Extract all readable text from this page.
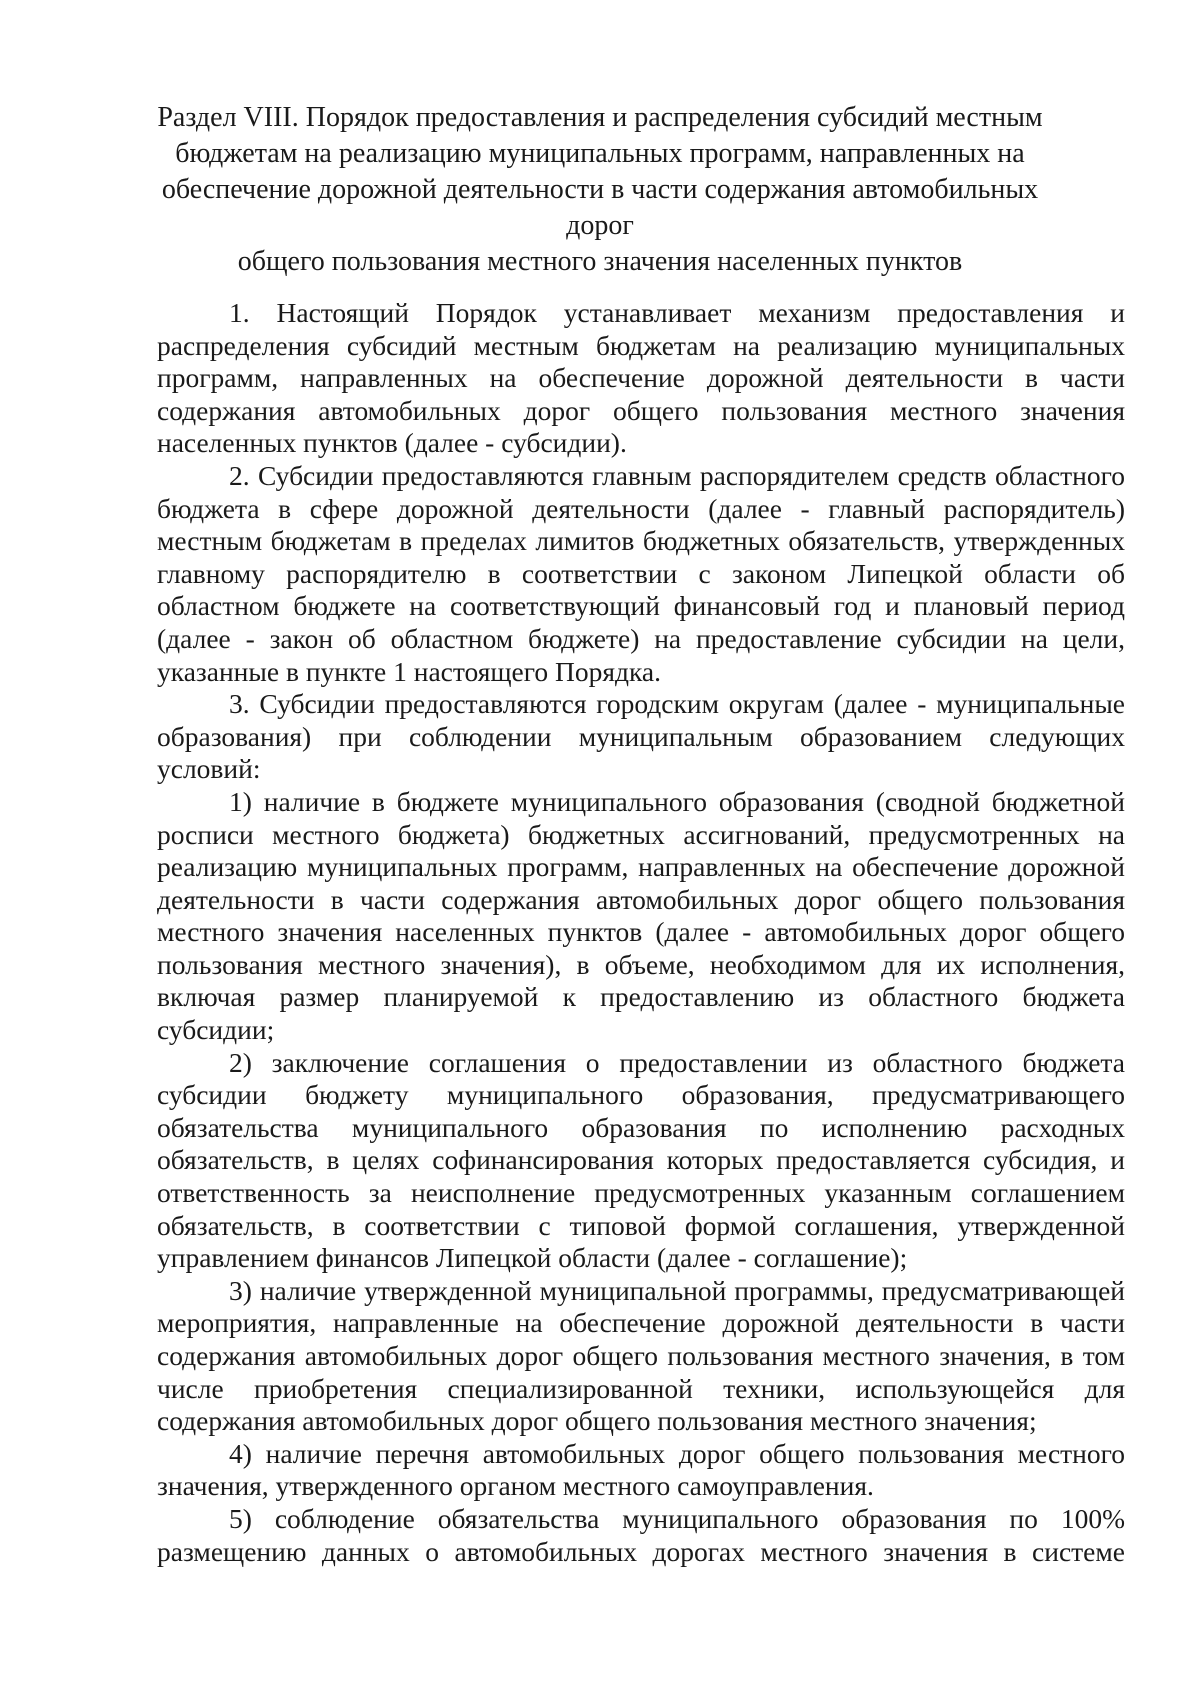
Раздел VIII. Порядок предоставления и распределения субсидий местным
бюджетам на реализацию муниципальных программ, направленных на
обеспечение дорожной деятельности в части содержания автомобильных дорог
общего пользования местного значения населенных пунктов

1. Настоящий Порядок устанавливает механизм предоставления и распределения субсидий местным бюджетам на реализацию муниципальных программ, направленных на обеспечение дорожной деятельности в части содержания автомобильных дорог общего пользования местного значения населенных пунктов (далее - субсидии).

2. Субсидии предоставляются главным распорядителем средств областного бюджета в сфере дорожной деятельности (далее - главный распорядитель) местным бюджетам в пределах лимитов бюджетных обязательств, утвержденных главному распорядителю в соответствии с законом Липецкой области об областном бюджете на соответствующий финансовый год и плановый период (далее - закон об областном бюджете) на предоставление субсидии на цели, указанные в пункте 1 настоящего Порядка.

3. Субсидии предоставляются городским округам (далее - муниципальные образования) при соблюдении муниципальным образованием следующих условий:

1) наличие в бюджете муниципального образования (сводной бюджетной росписи местного бюджета) бюджетных ассигнований, предусмотренных на реализацию муниципальных программ, направленных на обеспечение дорожной деятельности в части содержания автомобильных дорог общего пользования местного значения населенных пунктов (далее - автомобильных дорог общего пользования местного значения), в объеме, необходимом для их исполнения, включая размер планируемой к предоставлению из областного бюджета субсидии;

2) заключение соглашения о предоставлении из областного бюджета субсидии бюджету муниципального образования, предусматривающего обязательства муниципального образования по исполнению расходных обязательств, в целях софинансирования которых предоставляется субсидия, и ответственность за неисполнение предусмотренных указанным соглашением обязательств, в соответствии с типовой формой соглашения, утвержденной управлением финансов Липецкой области (далее - соглашение);

3) наличие утвержденной муниципальной программы, предусматривающей мероприятия, направленные на обеспечение дорожной деятельности в части содержания автомобильных дорог общего пользования местного значения, в том числе приобретения специализированной техники, использующейся для содержания автомобильных дорог общего пользования местного значения;

4) наличие перечня автомобильных дорог общего пользования местного значения, утвержденного органом местного самоуправления.

5) соблюдение обязательства муниципального образования по 100% размещению данных о автомобильных дорогах местного значения в системе
